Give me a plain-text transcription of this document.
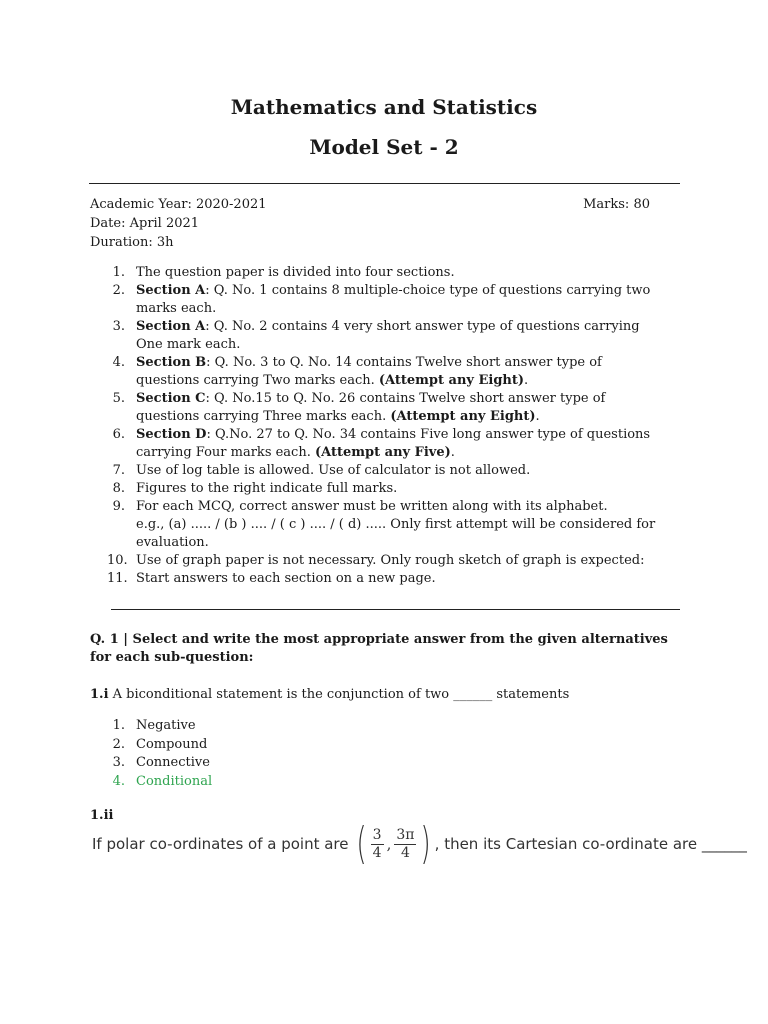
Mathematics and Statistics
Model Set - 2
Academic Year: 2020-2021
Date: April 2021
Duration: 3h
Marks: 80
1. The question paper is divided into four sections.
2. Section A: Q. No. 1 contains 8 multiple-choice type of questions carrying two marks each.
3. Section A: Q. No. 2 contains 4 very short answer type of questions carrying One mark each.
4. Section B: Q. No. 3 to Q. No. 14 contains Twelve short answer type of questions carrying Two marks each. (Attempt any Eight).
5. Section C: Q. No.15 to Q. No. 26 contains Twelve short answer type of questions carrying Three marks each. (Attempt any Eight).
6. Section D: Q.No. 27 to Q. No. 34 contains Five long answer type of questions carrying Four marks each. (Attempt any Five).
7. Use of log table is allowed. Use of calculator is not allowed.
8. Figures to the right indicate full marks.
9. For each MCQ, correct answer must be written along with its alphabet.
e.g., (a) ..... / (b ) .... / ( c ) .... / ( d) ..... Only first attempt will be considered for evaluation.
10. Use of graph paper is not necessary. Only rough sketch of graph is expected:
11. Start answers to each section on a new page.
Q. 1 | Select and write the most appropriate answer from the given alternatives for each sub-question:
1.i A biconditional statement is the conjunction of two ______ statements
1. Negative
2. Compound
3. Connective
4. Conditional
1.ii
If polar co-ordinates of a point are ( $\frac{3}{4}$ , $\frac{3\pi}{4}$ ) , then its Cartesian co-ordinate are ______
